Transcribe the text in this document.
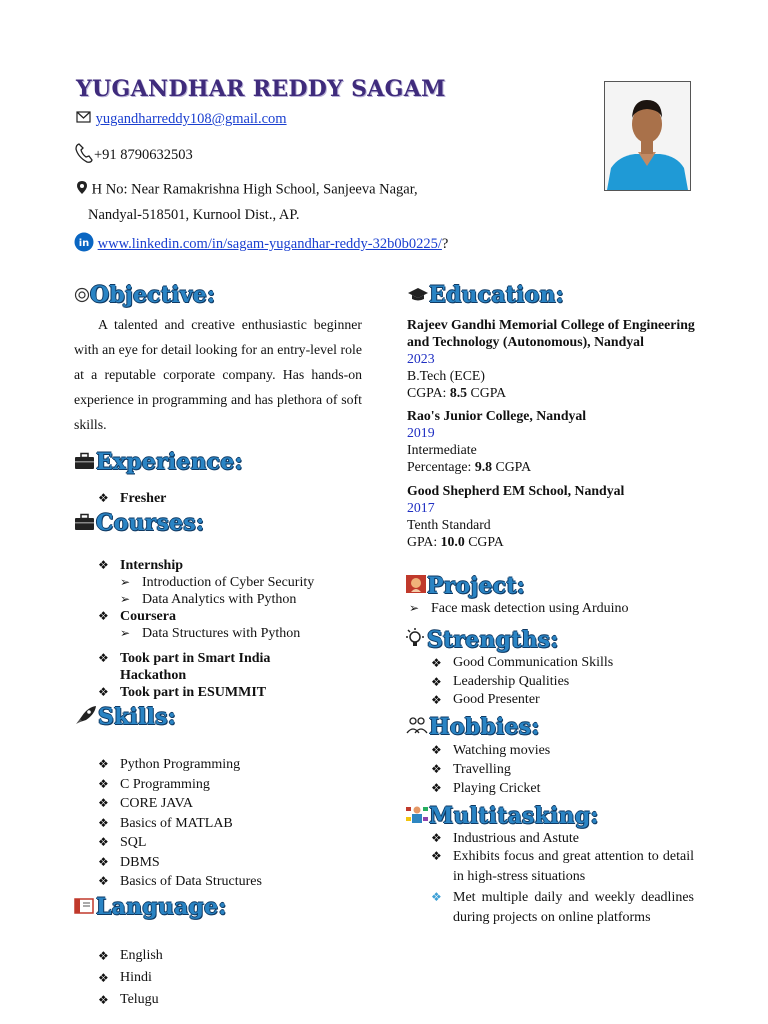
YUGANDHAR REDDY SAGAM
yugandharreddy108@gmail.com
+91 8790632503
H No: Near Ramakrishna High School, Sanjeeva Nagar,
Nandyal-518501, Kurnool Dist., AP.
in www.linkedin.com/in/sagam-yugandhar-reddy-32b0b0225/?
Objective:
A talented and creative enthusiastic beginner with an eye for detail looking for an entry-level role at a reputable corporate company. Has hands-on experience in programming and has plethora of soft skills.
Experience:
❖ Fresher
Courses:
❖ Internship
➢ Introduction of Cyber Security
➢ Data Analytics with Python
❖ Coursera
➢ Data Structures with Python
❖ Took part in Smart India Hackathon
❖ Took part in ESUMMIT
Skills:
❖ Python Programming
❖ C Programming
❖ CORE JAVA
❖ Basics of MATLAB
❖ SQL
❖ DBMS
❖ Basics of Data Structures
Language:
❖ English
❖ Hindi
❖ Telugu
Education:
Rajeev Gandhi Memorial College of Engineering and Technology (Autonomous), Nandyal
2023
B.Tech (ECE)
CGPA: 8.5 CGPA
Rao's Junior College, Nandyal
2019
Intermediate
Percentage: 9.8 CGPA
Good Shepherd EM School, Nandyal
2017
Tenth Standard
GPA: 10.0 CGPA
Project:
➢ Face mask detection using Arduino
Strengths:
❖ Good Communication Skills
❖ Leadership Qualities
❖ Good Presenter
Hobbies:
❖ Watching movies
❖ Travelling
❖ Playing Cricket
Multitasking:
❖ Industrious and Astute
❖ Exhibits focus and great attention to detail in high-stress situations
❖ Met multiple daily and weekly deadlines during projects on online platforms
